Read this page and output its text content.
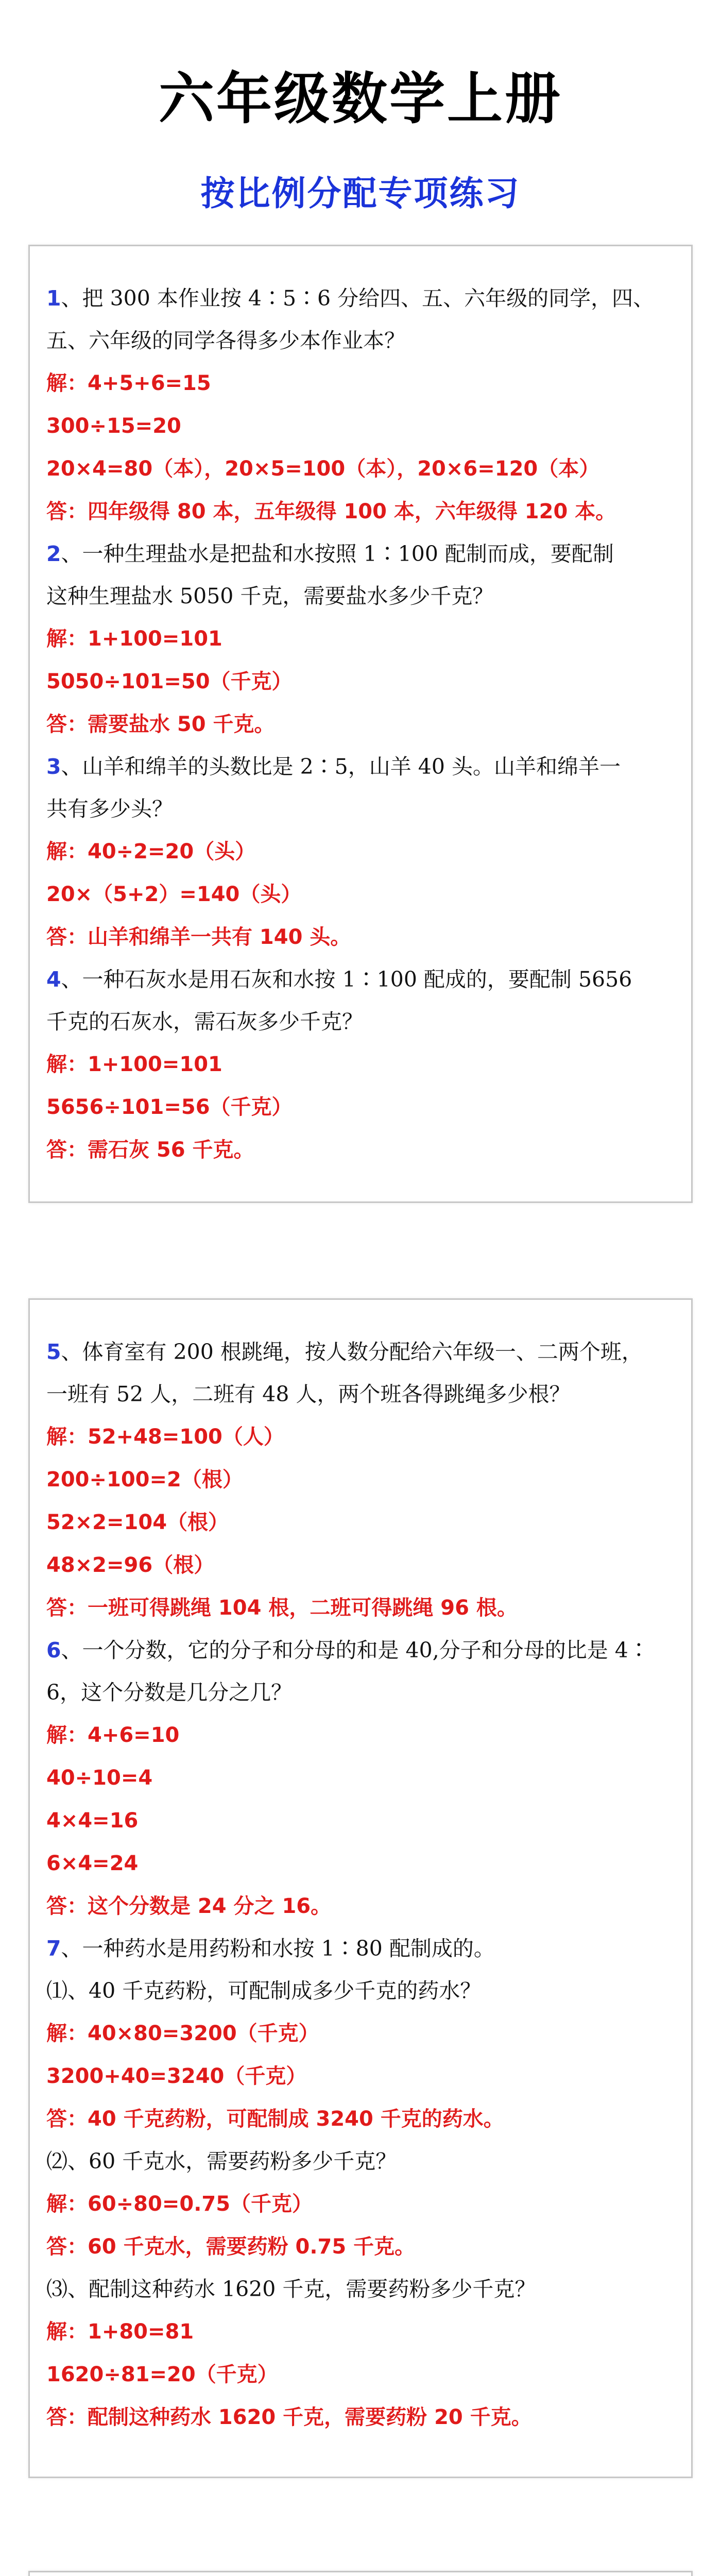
六年级数学上册
按比例分配专项练习
1、把 300 本作业按 4∶5∶6 分给四、五、六年级的同学，四、
五、六年级的同学各得多少本作业本？
解：4+5+6=15
300÷15=20
20×4=80（本），20×5=100（本），20×6=120（本）
答：四年级得 80 本，五年级得 100 本，六年级得 120 本。
2、一种生理盐水是把盐和水按照 1∶100 配制而成，要配制
这种生理盐水 5050 千克，需要盐水多少千克？
解：1+100=101
5050÷101=50（千克）
答：需要盐水 50 千克。
3、山羊和绵羊的头数比是 2∶5，山羊 40 头。山羊和绵羊一
共有多少头？
解：40÷2=20（头）
20×（5+2）=140（头）
答：山羊和绵羊一共有 140 头。
4、一种石灰水是用石灰和水按 1∶100 配成的，要配制 5656
千克的石灰水，需石灰多少千克？
解：1+100=101
5656÷101=56（千克）
答：需石灰 56 千克。
5、体育室有 200 根跳绳，按人数分配给六年级一、二两个班，
一班有 52 人，二班有 48 人，两个班各得跳绳多少根？
解：52+48=100（人）
200÷100=2（根）
52×2=104（根）
48×2=96（根）
答：一班可得跳绳 104 根，二班可得跳绳 96 根。
6、一个分数，它的分子和分母的和是 40,分子和分母的比是 4∶
6，这个分数是几分之几？
解：4+6=10
40÷10=4
4×4=16
6×4=24
答：这个分数是 24 分之 16。
7、一种药水是用药粉和水按 1∶80 配制成的。
⑴、40 千克药粉，可配制成多少千克的药水？
解：40×80=3200（千克）
3200+40=3240（千克）
答：40 千克药粉，可配制成 3240 千克的药水。
⑵、60 千克水，需要药粉多少千克？
解：60÷80=0.75（千克）
答：60 千克水，需要药粉 0.75 千克。
⑶、配制这种药水 1620 千克，需要药粉多少千克？
解：1+80=81
1620÷81=20（千克）
答：配制这种药水 1620 千克，需要药粉 20 千克。
